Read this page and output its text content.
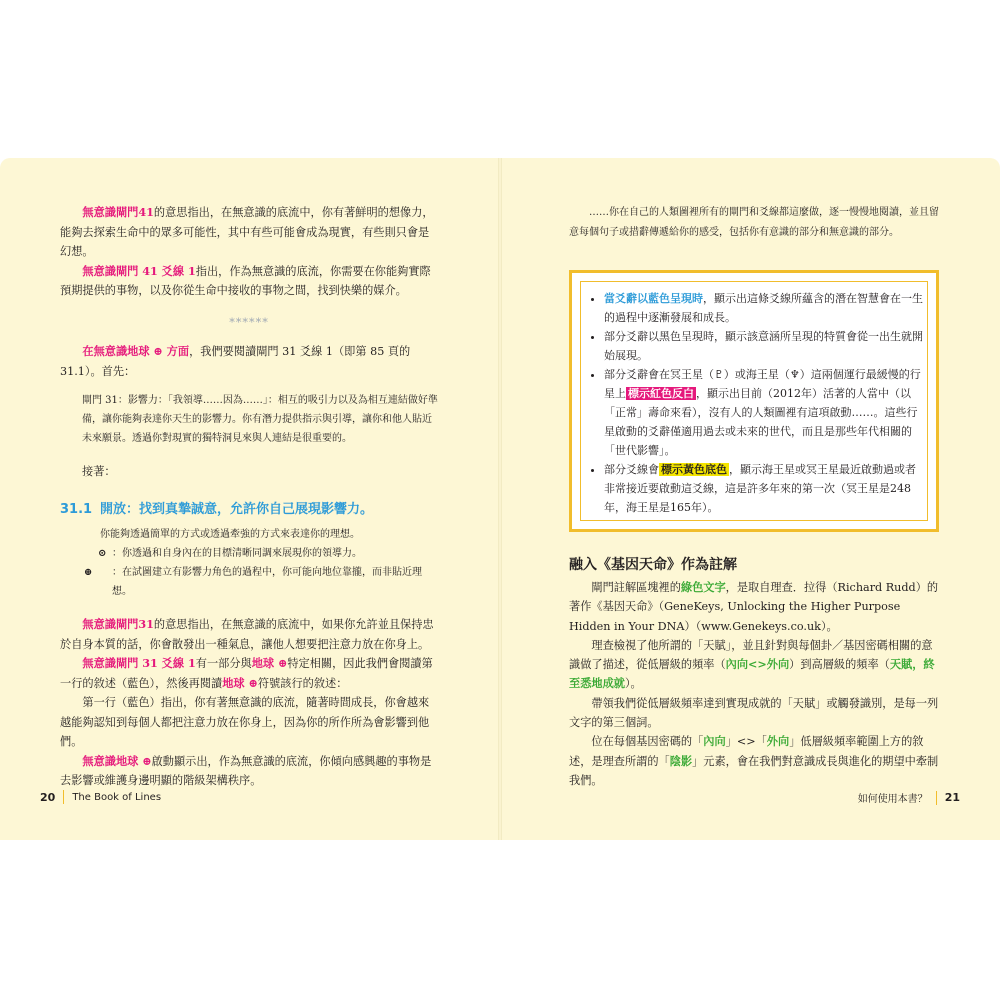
無意識閘門41的意思指出，在無意識的底流中，你有著鮮明的想像力，能夠去探索生命中的眾多可能性，其中有些可能會成為現實，有些則只會是幻想。

無意識閘門 41 爻線 1指出，作為無意識的底流，你需要在你能夠實際預期提供的事物，以及你從生命中接收的事物之間，找到快樂的媒介。

******

在無意識地球 ⊕ 方面，我們要閱讀閘門 31 爻線 1（即第 85 頁的 31.1）。首先：

閘門 31：影響力：「我領導……因為……」：相互的吸引力以及為相互連結做好準備，讓你能夠表達你天生的影響力。你有潛力提供指示與引導，讓你和他人貼近未來願景。透過你對現實的獨特洞見來與人連結是很重要的。

接著：

31.1 開放：找到真摯誠意，允許你自己展現影響力。
你能夠透過簡單的方式或透過牽強的方式來表達你的理想。
⊙ ：你透過和自身內在的目標清晰同調來展現你的領導力。
⊕ ：在試圖建立有影響力角色的過程中，你可能向地位靠攏，而非貼近理想。

無意識閘門31的意思指出，在無意識的底流中，如果你允許並且保持忠於自身本質的話，你會散發出一種氣息，讓他人想要把注意力放在你身上。

無意識閘門 31 爻線 1有一部分與地球 ⊕特定相關，因此我們會閱讀第一行的敘述（藍色），然後再閱讀地球 ⊕符號該行的敘述：

第一行（藍色）指出，你有著無意識的底流，隨著時間成長，你會越來越能夠認知到每個人都把注意力放在你身上，因為你的所作所為會影響到他們。

無意識地球 ⊕啟動顯示出，作為無意識的底流，你傾向感興趣的事物是去影響或維護身邊明顯的階級架構秩序。

20 The Book of Lines

……你在自己的人類圖裡所有的閘門和爻線都這麼做，逐一慢慢地閱讀，並且留意每個句子或措辭傳遞給你的感受，包括你有意識的部分和無意識的部分。

• 當爻辭以藍色呈現時，顯示出這條爻線所蘊含的潛在智慧會在一生的過程中逐漸發展和成長。
• 部分爻辭以黑色呈現時，顯示該意涵所呈現的特質會從一出生就開始展現。
• 部分爻辭會在冥王星（♇）或海王星（♆）這兩個運行最緩慢的行星上 標示紅色反白 ，顯示出目前（2012年）活著的人當中（以「正常」壽命來看），沒有人的人類圖裡有這項啟動……。這些行星啟動的爻辭僅適用過去或未來的世代，而且是那些年代相關的「世代影響」。
• 部分爻線會 標示黃色底色 ，顯示海王星或冥王星最近啟動過或者非常接近要啟動這爻線，這是許多年來的第一次（冥王星是248年，海王星是165年）。
融入《基因天命》作為註解

閘門註解區塊裡的綠色文字，是取自理查．拉得（Richard Rudd）的著作《基因天命》（GeneKeys, Unlocking the Higher Purpose Hidden in Your DNA）（www.Genekeys.co.uk）。

理查檢視了他所謂的「天賦」，並且針對與每個卦／基因密碼相關的意識做了描述，從低層級的頻率（內向<>外向）到高層級的頻率（天賦，終至悉地成就）。

帶領我們從低層級頻率達到實現成就的「天賦」或觸發識別，是每一列文字的第三個詞。

位在每個基因密碼的「內向」<>「外向」低層級頻率範圍上方的敘述，是理查所謂的「陰影」元素，會在我們對意識成長與進化的期望中牽制我們。

如何使用本書？ 21
